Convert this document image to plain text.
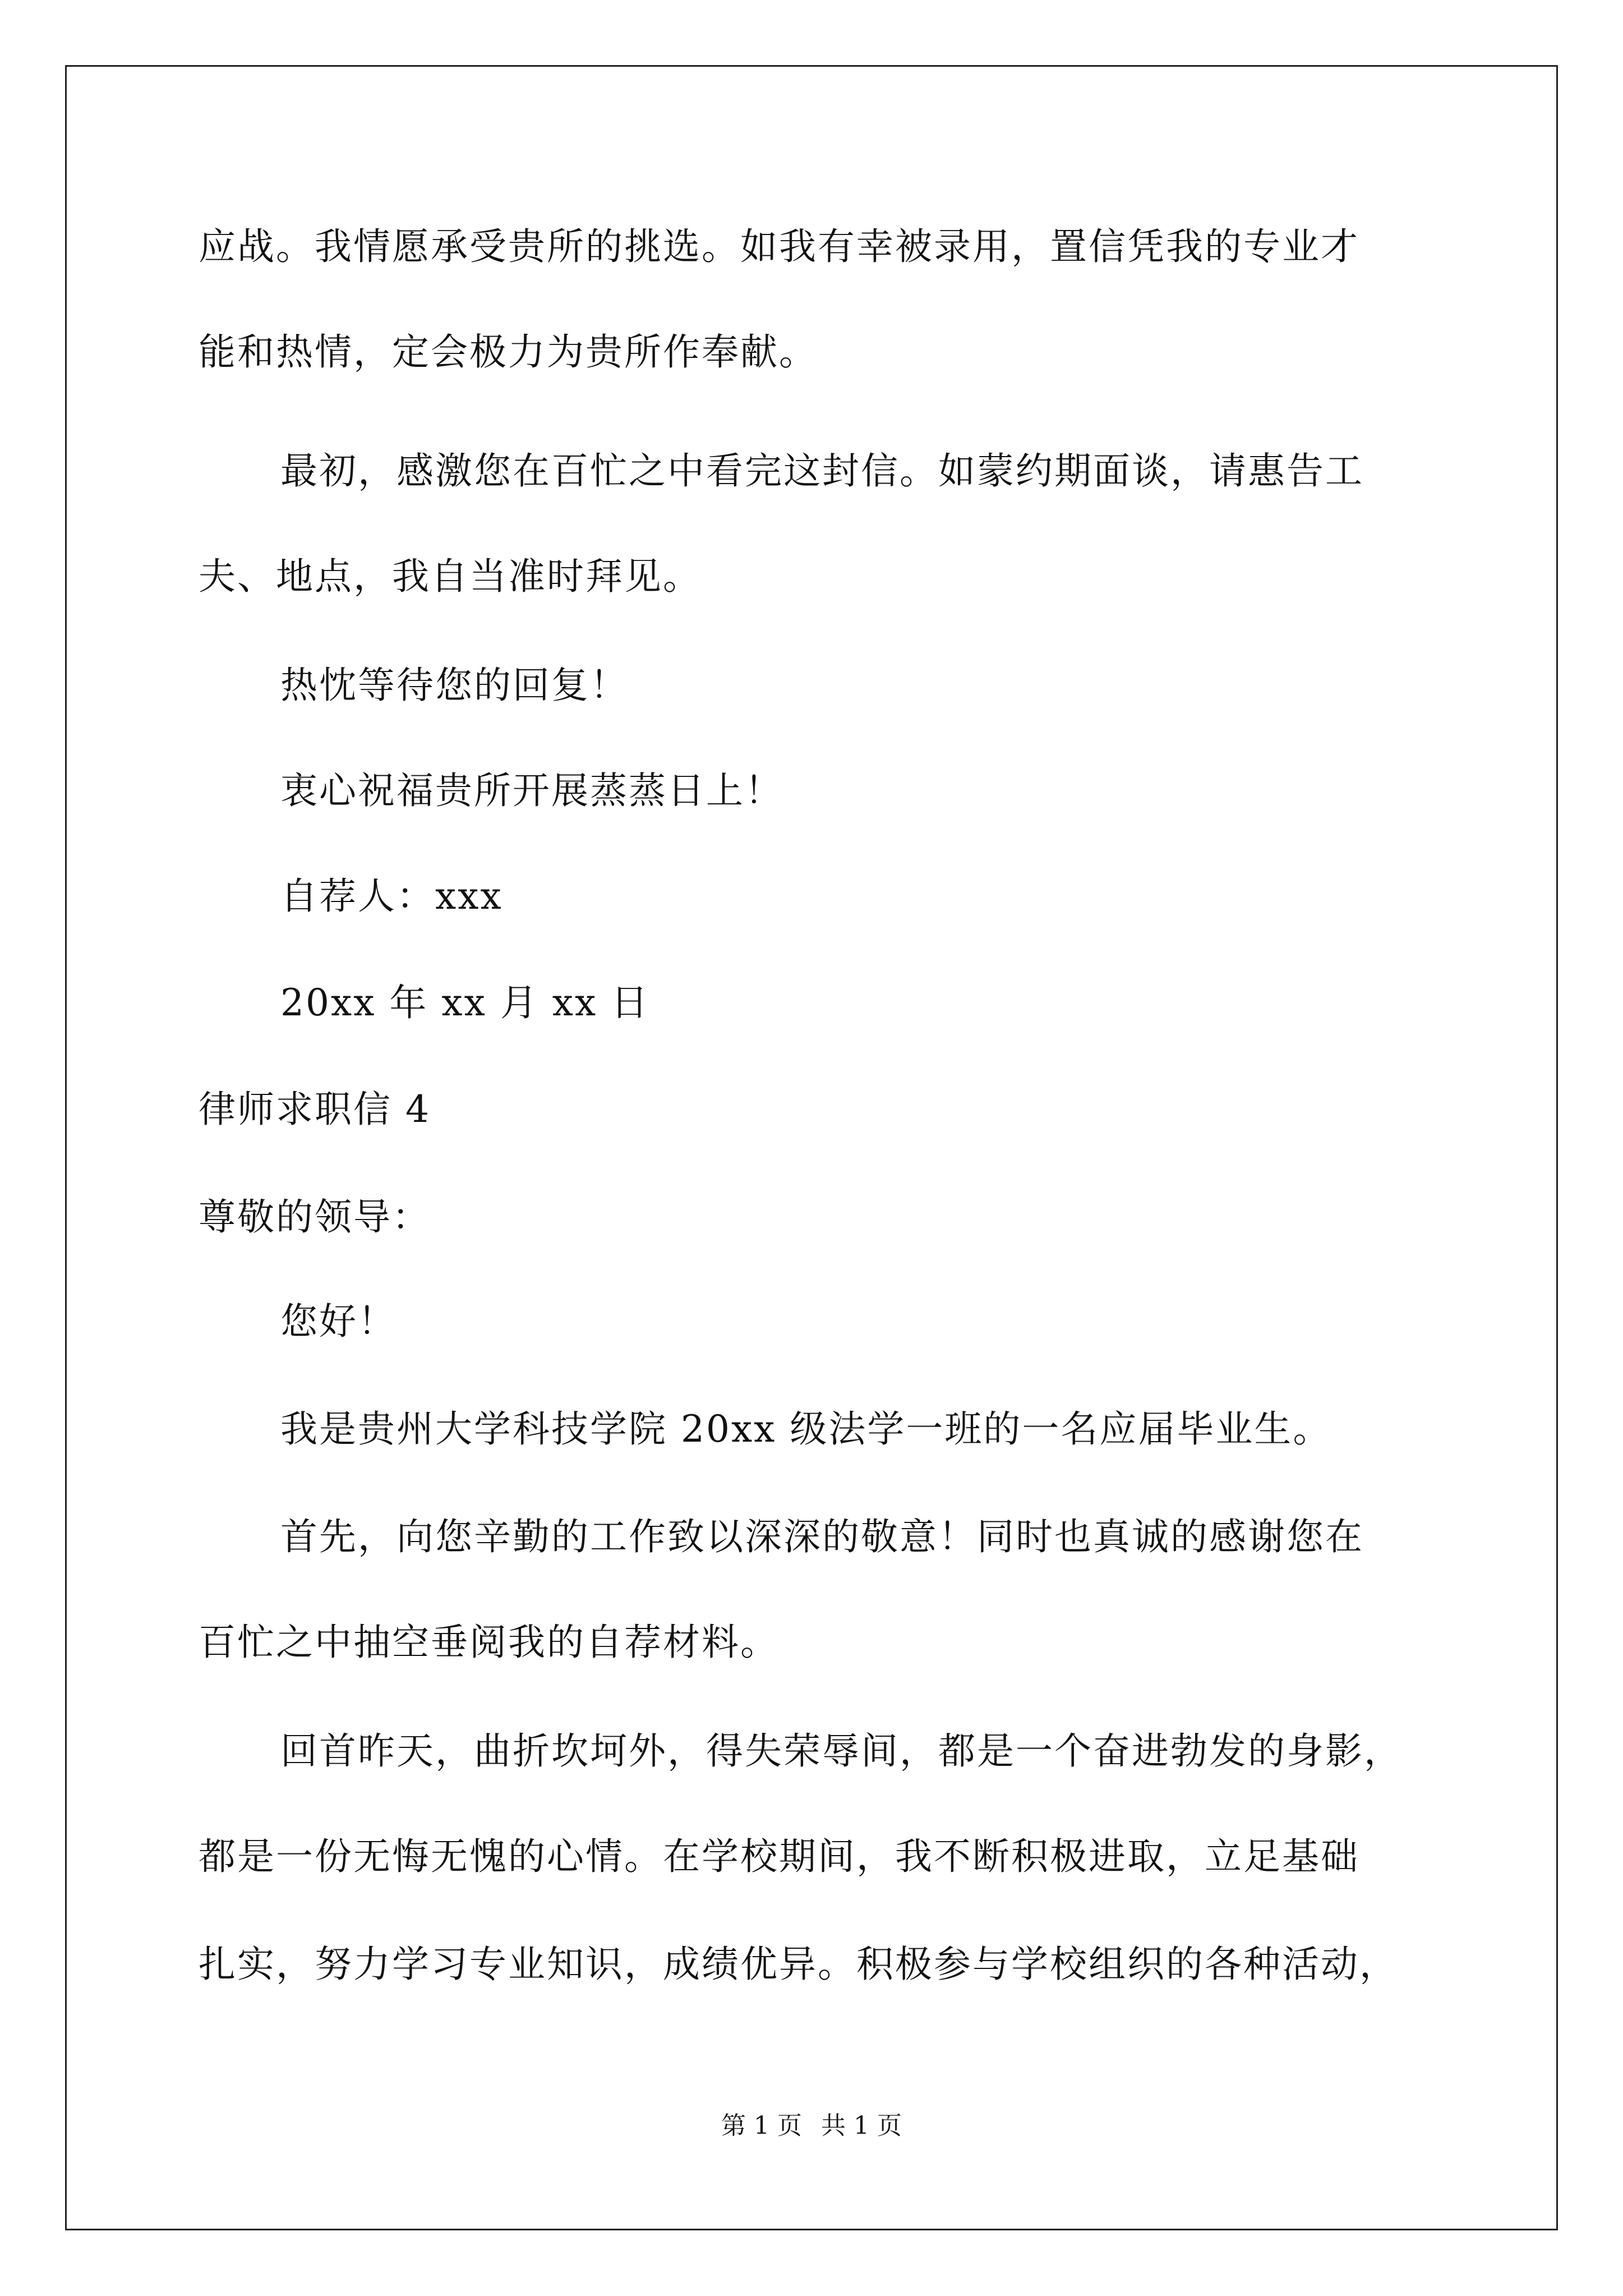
应战。我情愿承受贵所的挑选。如我有幸被录用，置信凭我的专业才
能和热情，定会极力为贵所作奉献。
最初，感激您在百忙之中看完这封信。如蒙约期面谈，请惠告工
夫、地点，我自当准时拜见。
热忱等待您的回复！
衷心祝福贵所开展蒸蒸日上！
自荐人：xxx
20xx 年 xx 月 xx 日
律师求职信 4
尊敬的领导：
您好！
我是贵州大学科技学院 20xx 级法学一班的一名应届毕业生。
首先，向您辛勤的工作致以深深的敬意！同时也真诚的感谢您在
百忙之中抽空垂阅我的自荐材料。
回首昨天，曲折坎坷外，得失荣辱间，都是一个奋进勃发的身影，
都是一份无悔无愧的心情。在学校期间，我不断积极进取，立足基础
扎实，努力学习专业知识，成绩优异。积极参与学校组织的各种活动，
第 1 页 共 1 页
